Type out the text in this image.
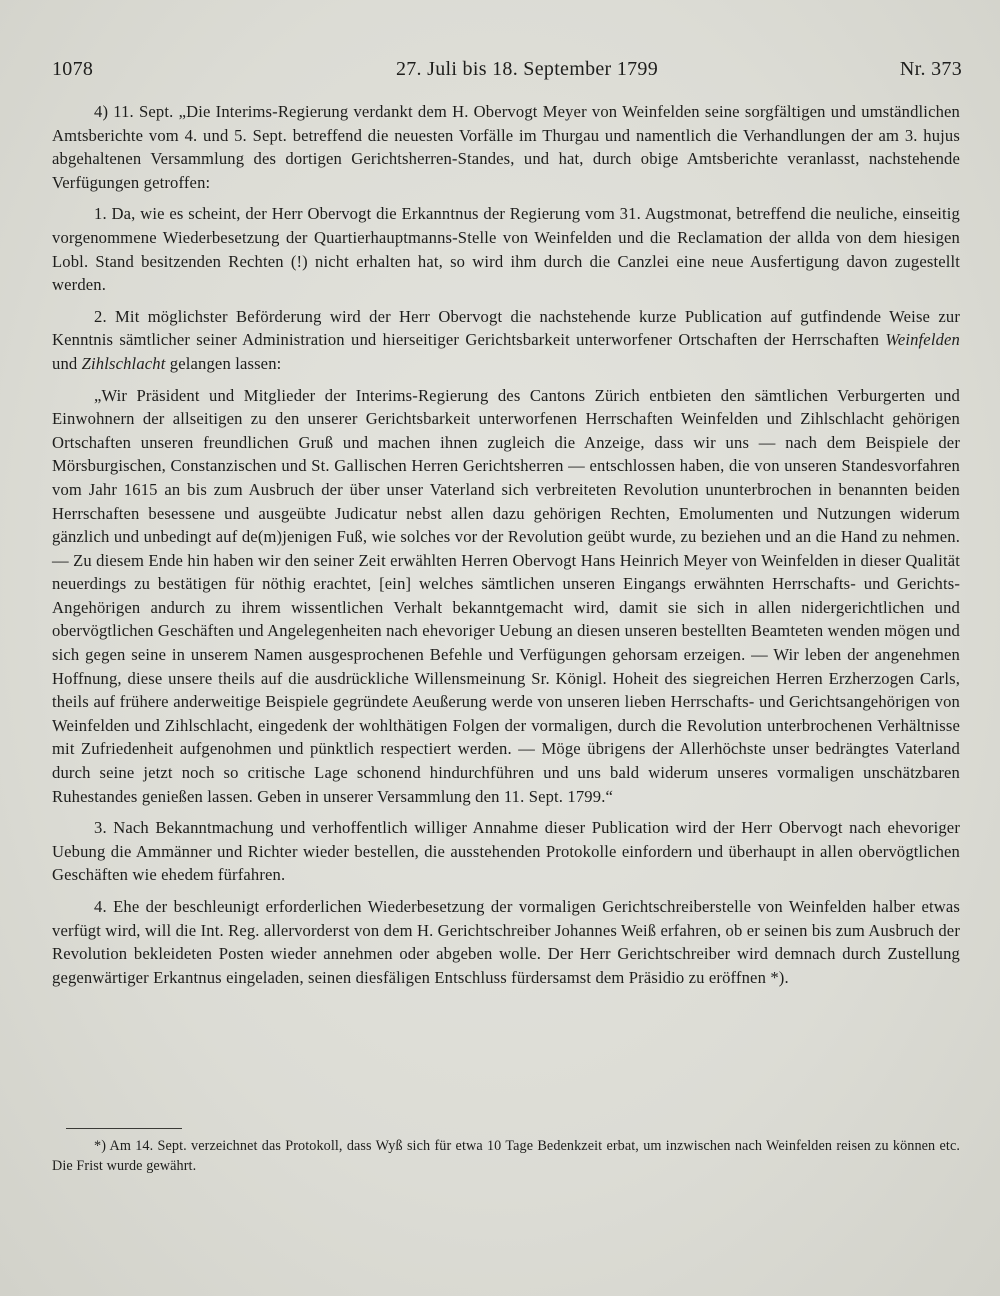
1078	27. Juli bis 18. September 1799	Nr. 373

4) 11. Sept. „Die Interims-Regierung verdankt dem H. Obervogt Meyer von Weinfelden seine sorgfältigen und umständlichen Amtsberichte vom 4. und 5. Sept. betreffend die neuesten Vorfälle im Thurgau und namentlich die Verhandlungen der am 3. hujus abgehaltenen Versammlung des dortigen Gerichtsherren-Standes, und hat, durch obige Amtsberichte veranlasst, nachstehende Verfügungen getroffen:

1. Da, wie es scheint, der Herr Obervogt die Erkanntnus der Regierung vom 31. Augstmonat, betreffend die neuliche, einseitig vorgenommene Wiederbesetzung der Quartierhauptmanns-Stelle von Weinfelden und die Reclamation der allda von dem hiesigen Lobl. Stand besitzenden Rechten (!) nicht erhalten hat, so wird ihm durch die Canzlei eine neue Ausfertigung davon zugestellt werden.

2. Mit möglichster Beförderung wird der Herr Obervogt die nachstehende kurze Publication auf gutfindende Weise zur Kenntnis sämtlicher seiner Administration und hierseitiger Gerichtsbarkeit unterworfener Ortschaften der Herrschaften Weinfelden und Zihlschlacht gelangen lassen:

„Wir Präsident und Mitglieder der Interims-Regierung des Cantons Zürich entbieten den sämtlichen Verburgerten und Einwohnern der allseitigen zu den unserer Gerichtsbarkeit unterworfenen Herrschaften Weinfelden und Zihlschlacht gehörigen Ortschaften unseren freundlichen Gruß und machen ihnen zugleich die Anzeige, dass wir uns — nach dem Beispiele der Mörsburgischen, Constanzischen und St. Gallischen Herren Gerichtsherren — entschlossen haben, die von unseren Standesvorfahren vom Jahr 1615 an bis zum Ausbruch der über unser Vaterland sich verbreiteten Revolution ununterbrochen in benannten beiden Herrschaften besessene und ausgeübte Judicatur nebst allen dazu gehörigen Rechten, Emolumenten und Nutzungen widerum gänzlich und unbedingt auf de(m)jenigen Fuß, wie solches vor der Revolution geübt wurde, zu beziehen und an die Hand zu nehmen. — Zu diesem Ende hin haben wir den seiner Zeit erwählten Herren Obervogt Hans Heinrich Meyer von Weinfelden in dieser Qualität neuerdings zu bestätigen für nöthig erachtet, [ein] welches sämtlichen unseren Eingangs erwähnten Herrschafts- und Gerichts-Angehörigen andurch zu ihrem wissentlichen Verhalt bekanntgemacht wird, damit sie sich in allen nidergerichtlichen und obervögtlichen Geschäften und Angelegenheiten nach ehevoriger Uebung an diesen unseren bestellten Beamteten wenden mögen und sich gegen seine in unserem Namen ausgesprochenen Befehle und Verfügungen gehorsam erzeigen. — Wir leben der angenehmen Hoffnung, diese unsere theils auf die ausdrückliche Willensmeinung Sr. Königl. Hoheit des siegreichen Herren Erzherzogen Carls, theils auf frühere anderweitige Beispiele gegründete Aeußerung werde von unseren lieben Herrschafts- und Gerichtsangehörigen von Weinfelden und Zihlschlacht, eingedenk der wohlthätigen Folgen der vormaligen, durch die Revolution unterbrochenen Verhältnisse mit Zufriedenheit aufgenohmen und pünktlich respectiert werden. — Möge übrigens der Allerhöchste unser bedrängtes Vaterland durch seine jetzt noch so critische Lage schonend hindurchführen und uns bald widerum unseres vormaligen unschätzbaren Ruhestandes genießen lassen. Geben in unserer Versammlung den 11. Sept. 1799.“

3. Nach Bekanntmachung und verhoffentlich williger Annahme dieser Publication wird der Herr Obervogt nach ehevoriger Uebung die Ammänner und Richter wieder bestellen, die ausstehenden Protokolle einfordern und überhaupt in allen obervögtlichen Geschäften wie ehedem fürfahren.

4. Ehe der beschleunigt erforderlichen Wiederbesetzung der vormaligen Gerichtschreiberstelle von Weinfelden halber etwas verfügt wird, will die Int. Reg. allervorderst von dem H. Gerichtschreiber Johannes Weiß erfahren, ob er seinen bis zum Ausbruch der Revolution bekleideten Posten wieder annehmen oder abgeben wolle. Der Herr Gerichtschreiber wird demnach durch Zustellung gegenwärtiger Erkantnus eingeladen, seinen diesfäligen Entschluss fürdersamst dem Präsidio zu eröffnen *).

*) Am 14. Sept. verzeichnet das Protokoll, dass Wyß sich für etwa 10 Tage Bedenkzeit erbat, um inzwischen nach Weinfelden reisen zu können etc. Die Frist wurde gewährt.
